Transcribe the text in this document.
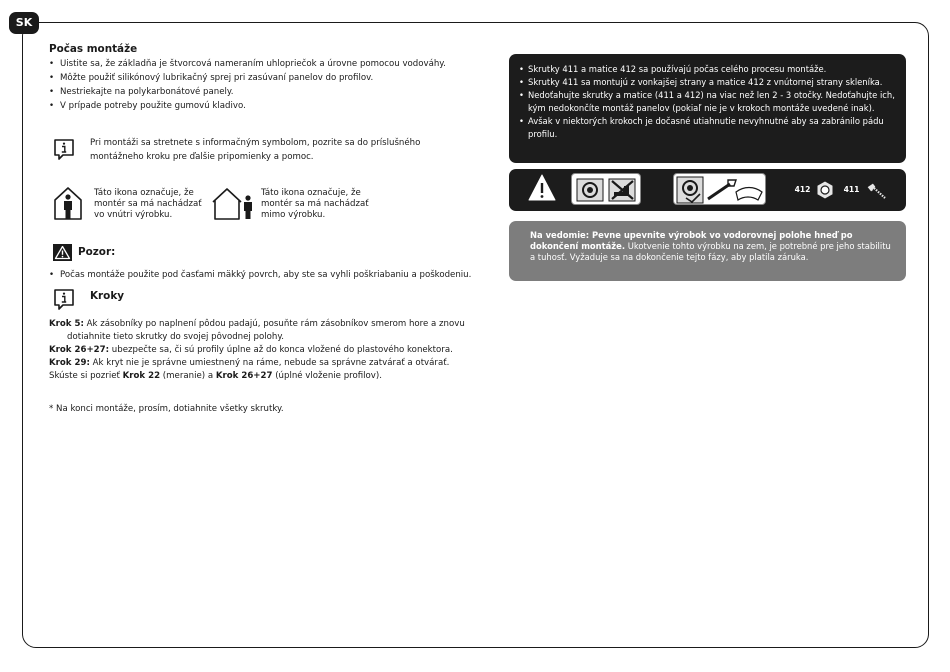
SK
Počas montáže
• Uistite sa, že základňa je štvorcová nameraním uhlopriečok a úrovne pomocou vodováhy.
• Môžte použiť silikónový lubrikačný sprej pri zasúvaní panelov do profilov.
• Nestriekajte na polykarbonátové panely.
• V prípade potreby použite gumovú kladivo.
Pri montáži sa stretnete s informačným symbolom, pozrite sa do príslušného
montážneho kroku pre ďalšie pripomienky a pomoc.
Táto ikona označuje, že
montér sa má nachádzať
vo vnútri výrobku.
Táto ikona označuje, že
montér sa má nachádzať
mimo výrobku.
Pozor:
• Počas montáže použite pod časťami mäkký povrch, aby ste sa vyhli poškriabaniu a poškodeniu.
Kroky

Krok 5: Ak zásobníky po naplnení pôdou padajú, posuňte rám zásobníkov smerom hore a znovu

dotiahnite tieto skrutky do svojej pôvodnej polohy.

Krok 26+27: ubezpečte sa, či sú profily úplne až do konca vložené do plastového konektora.

Krok 29: Ak kryt nie je správne umiestnený na ráme, nebude sa správne zatvárať a otvárať.

Skúste si pozrieť Krok 22 (meranie) a Krok 26+27 (úplné vloženie profilov).

* Na konci montáže, prosím, dotiahnite všetky skrutky.
• Skrutky 411 a matice 412 sa používajú počas celého procesu montáže.
• Skrutky 411 sa montujú z vonkajšej strany a matice 412 z vnútornej strany skleníka.
• Nedoťahujte skrutky a matice (411 a 412) na viac než len 2 - 3 otočky. Nedoťahujte ich, kým nedokončíte montáž panelov (pokiaľ nie je v krokoch montáže uvedené inak).
• Avšak v niektorých krokoch je dočasné utiahnutie nevyhnutné aby sa zabránilo pádu profilu.
412	411
Na vedomie: Pevne upevnite výrobok vo vodorovnej polohe hneď po dokončení montáže. Ukotvenie tohto výrobku na zem, je potrebné pre jeho stabilitu a tuhosť. Vyžaduje sa na dokončenie tejto fázy, aby platila záruka.
